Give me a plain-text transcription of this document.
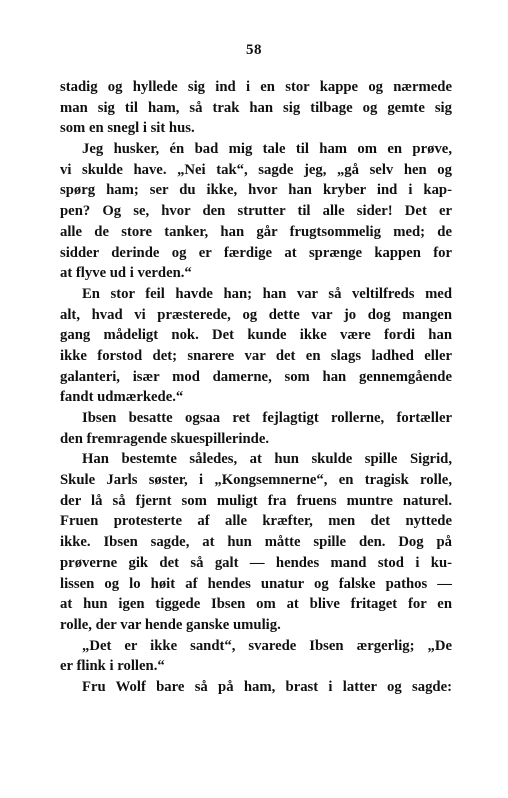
58
stadig og hyllede sig ind i en stor kappe og nærmede
man sig til ham, så trak han sig tilbage og gemte sig
som en snegl i sit hus.
Jeg husker, én bad mig tale til ham om en prøve,
vi skulde have. „Nei tak“, sagde jeg, „gå selv hen og
spørg ham; ser du ikke, hvor han kryber ind i kap-
pen? Og se, hvor den strutter til alle sider! Det er
alle de store tanker, han går frugtsommelig med; de
sidder derinde og er færdige at sprænge kappen for
at flyve ud i verden.“
En stor feil havde han; han var så veltilfreds med
alt, hvad vi præsterede, og dette var jo dog mangen
gang mådeligt nok. Det kunde ikke være fordi han
ikke forstod det; snarere var det en slags ladhed eller
galanteri, især mod damerne, som han gennemgående
fandt udmærkede.“
Ibsen besatte ogsaa ret fejlagtigt rollerne, fortæller
den fremragende skuespillerinde.
Han bestemte således, at hun skulde spille Sigrid,
Skule Jarls søster, i „Kongsemnerne“, en tragisk rolle,
der lå så fjernt som muligt fra fruens muntre naturel.
Fruen protesterte af alle kræfter, men det nyttede
ikke. Ibsen sagde, at hun måtte spille den. Dog på
prøverne gik det så galt — hendes mand stod i ku-
lissen og lo høit af hendes unatur og falske pathos —
at hun igen tiggede Ibsen om at blive fritaget for en
rolle, der var hende ganske umulig.
„Det er ikke sandt“, svarede Ibsen ærgerlig; „De
er flink i rollen.“
Fru Wolf bare så på ham, brast i latter og sagde:
